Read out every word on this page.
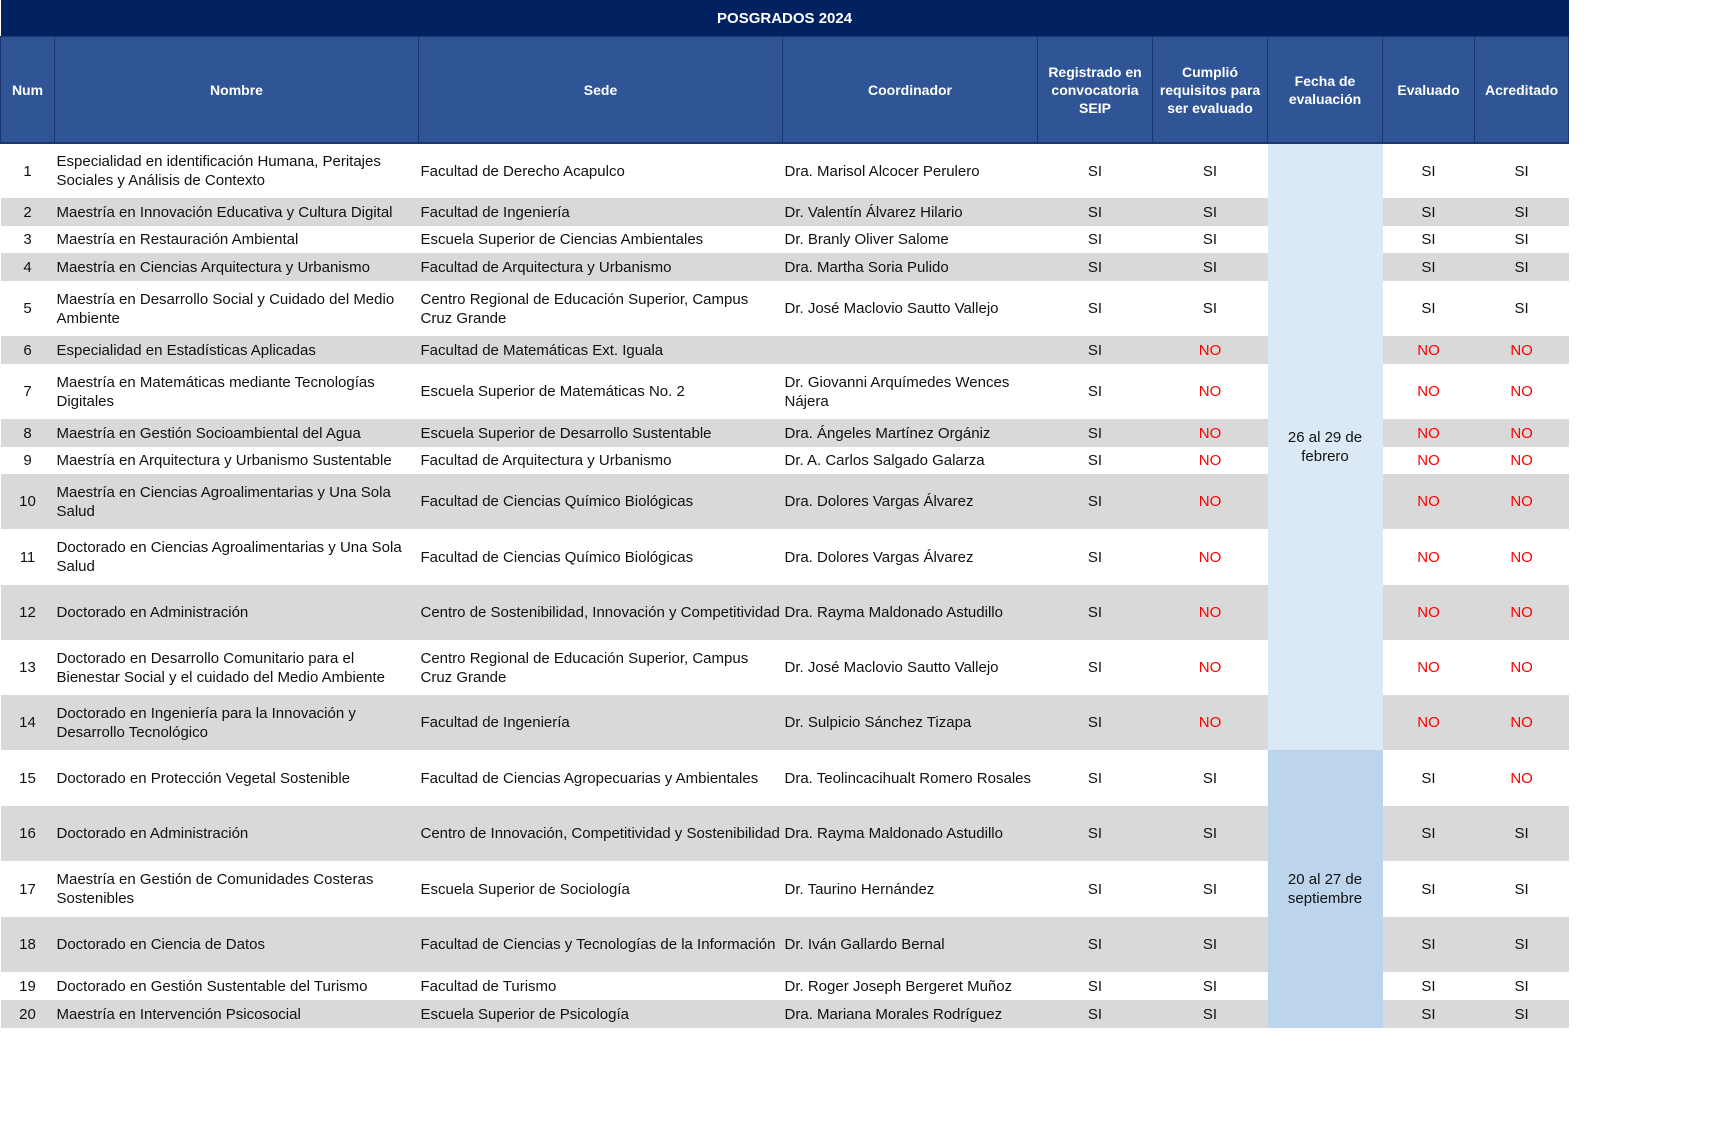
POSGRADOS 2024								
Num	Nombre	Sede	Coordinador	Registrado en convocatoria SEIP	Cumplió requisitos para ser evaluado	Fecha de evaluación	Evaluado	Acreditado
1	Especialidad en identificación Humana, Peritajes Sociales y Análisis de Contexto	Facultad de Derecho Acapulco	Dra. Marisol Alcocer Perulero	SI	SI	26 al 29 de febrero	SI	SI
2	Maestría en Innovación Educativa y Cultura Digital	Facultad de Ingeniería	Dr. Valentín Álvarez Hilario	SI	SI		SI	SI
3	Maestría en Restauración Ambiental	Escuela Superior de Ciencias Ambientales	Dr. Branly Oliver Salome	SI	SI		SI	SI
4	Maestría en Ciencias Arquitectura y Urbanismo	Facultad de Arquitectura y Urbanismo	Dra. Martha Soria Pulido	SI	SI		SI	SI
5	Maestría en Desarrollo Social y Cuidado del Medio Ambiente	Centro Regional de Educación Superior, Campus Cruz Grande	Dr. José Maclovio Sautto Vallejo	SI	SI		SI	SI
6	Especialidad en Estadísticas Aplicadas	Facultad de Matemáticas Ext. Iguala		SI	NO		NO	NO
7	Maestría en Matemáticas mediante Tecnologías Digitales	Escuela Superior de Matemáticas No. 2	Dr. Giovanni Arquímedes Wences Nájera	SI	NO		NO	NO
8	Maestría en Gestión Socioambiental del Agua	Escuela Superior de Desarrollo Sustentable	Dra. Ángeles Martínez Orgániz	SI	NO		NO	NO
9	Maestría en Arquitectura y Urbanismo Sustentable	Facultad de Arquitectura y Urbanismo	Dr. A. Carlos Salgado Galarza	SI	NO		NO	NO
10	Maestría en Ciencias Agroalimentarias y Una Sola Salud	Facultad de Ciencias Químico Biológicas	Dra. Dolores Vargas Álvarez	SI	NO		NO	NO
11	Doctorado en Ciencias Agroalimentarias y Una Sola Salud	Facultad de Ciencias Químico Biológicas	Dra. Dolores Vargas Álvarez	SI	NO		NO	NO
12	Doctorado en Administración	Centro de Sostenibilidad, Innovación y Competitividad	Dra. Rayma Maldonado Astudillo	SI	NO		NO	NO
13	Doctorado en Desarrollo Comunitario para el Bienestar Social y el cuidado del Medio Ambiente	Centro Regional de Educación Superior, Campus Cruz Grande	Dr. José Maclovio Sautto Vallejo	SI	NO		NO	NO
14	Doctorado en Ingeniería para la Innovación y Desarrollo Tecnológico	Facultad de Ingeniería	Dr. Sulpicio Sánchez Tizapa	SI	NO		NO	NO
15	Doctorado en Protección Vegetal Sostenible	Facultad de Ciencias Agropecuarias y Ambientales	Dra. Teolincacihualt Romero Rosales	SI	SI	20 al 27 de septiembre	SI	NO
16	Doctorado en Administración	Centro de Innovación, Competitividad y Sostenibilidad	Dra. Rayma Maldonado Astudillo	SI	SI		SI	SI
17	Maestría en Gestión de Comunidades Costeras Sostenibles	Escuela Superior de Sociología	Dr. Taurino Hernández	SI	SI		SI	SI
18	Doctorado en Ciencia de Datos	Facultad de Ciencias y Tecnologías de la Información	Dr. Iván Gallardo Bernal	SI	SI		SI	SI
19	Doctorado en Gestión Sustentable del Turismo	Facultad de Turismo	Dr. Roger Joseph Bergeret Muñoz	SI	SI		SI	SI
20	Maestría en Intervención Psicosocial	Escuela Superior de Psicología	Dra. Mariana Morales Rodríguez	SI	SI		SI	SI
